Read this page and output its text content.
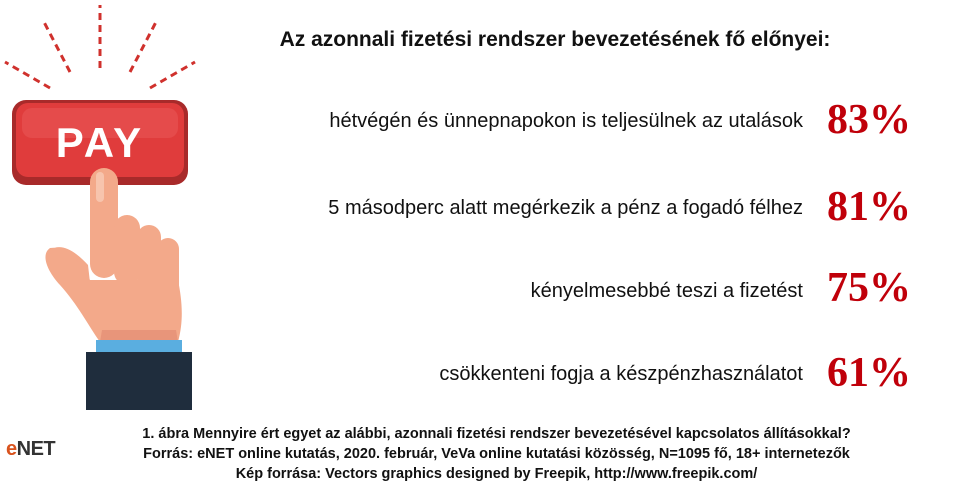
PAY
Az azonnali fizetési rendszer bevezetésének fő előnyei:
hétvégén és ünnepnapokon is teljesülnek az utalások 83%
5 másodperc alatt megérkezik a pénz a fogadó félhez 81%
kényelmesebbé teszi a fizetést 75%
csökkenteni fogja a készpénzhasználatot 61%
eNET
1. ábra Mennyire ért egyet az alábbi, azonnali fizetési rendszer bevezetésével kapcsolatos állításokkal?
Forrás: eNET online kutatás, 2020. február, VeVa online kutatási közösség, N=1095 fő, 18+ internetezők
Kép forrása: Vectors graphics designed by Freepik, http://www.freepik.com/
